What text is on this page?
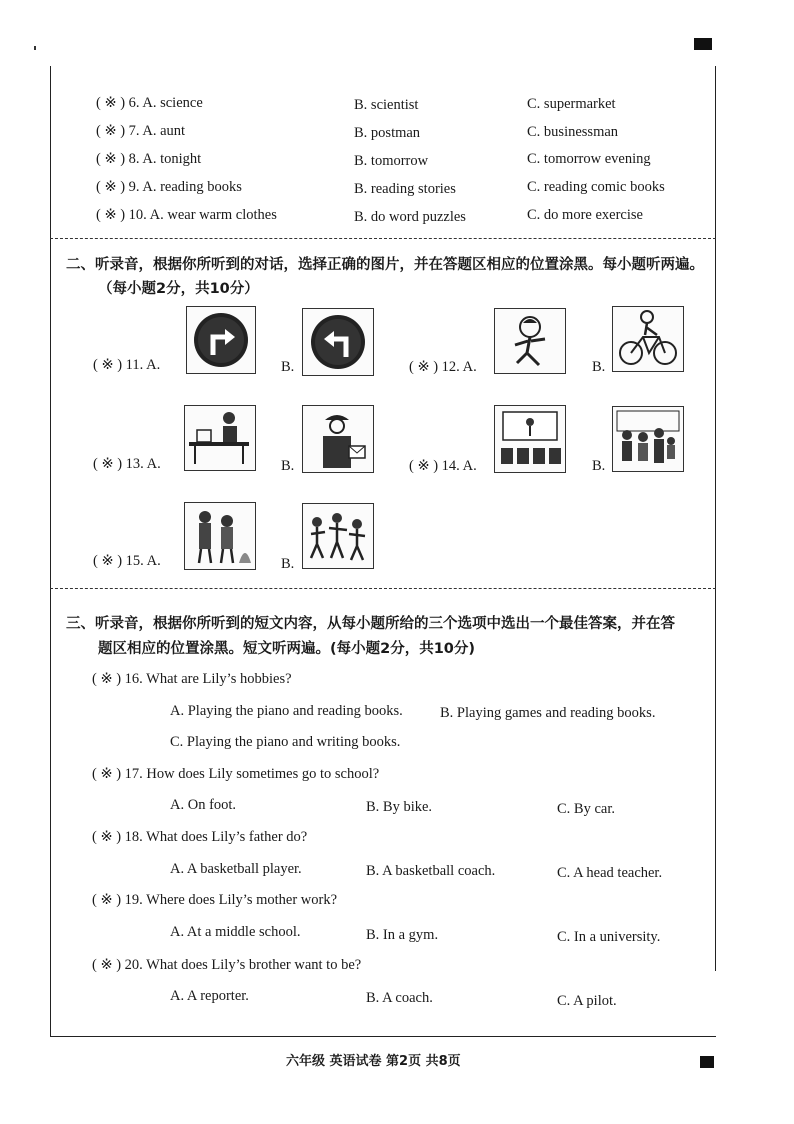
( ※ ) 6. A. science	B. scientist	C. supermarket
( ※ ) 7. A. aunt	B. postman	C. businessman
( ※ ) 8. A. tonight	B. tomorrow	C. tomorrow evening
( ※ ) 9. A. reading books	B. reading stories	C. reading comic books
( ※ ) 10. A. wear warm clothes	B. do word puzzles	C. do more exercise
二、听录音，根据你所听到的对话，选择正确的图片，并在答题区相应的位置涂黑。每小题听两遍。
（每小题2分，共10分）
( ※ ) 11. A.	B.	( ※ ) 12. A.	B.
( ※ ) 13. A.	B.	( ※ ) 14. A.	B.
( ※ ) 15. A.	B.
三、听录音，根据你所听到的短文内容，从每小题所给的三个选项中选出一个最佳答案，并在答
题区相应的位置涂黑。短文听两遍。(每小题2分，共10分)
( ※ ) 16. What are Lily’s hobbies?
A. Playing the piano and reading books.	B. Playing games and reading books.
C. Playing the piano and writing books.
( ※ ) 17. How does Lily sometimes go to school?
A. On foot.	B. By bike.	C. By car.
( ※ ) 18. What does Lily’s father do?
A. A basketball player.	B. A basketball coach.	C. A head teacher.
( ※ ) 19. Where does Lily’s mother work?
A. At a middle school.	B. In a gym.	C. In a university.
( ※ ) 20. What does Lily’s brother want to be?
A. A reporter.	B. A coach.	C. A pilot.
六年级 英语试卷 第2页 共8页
